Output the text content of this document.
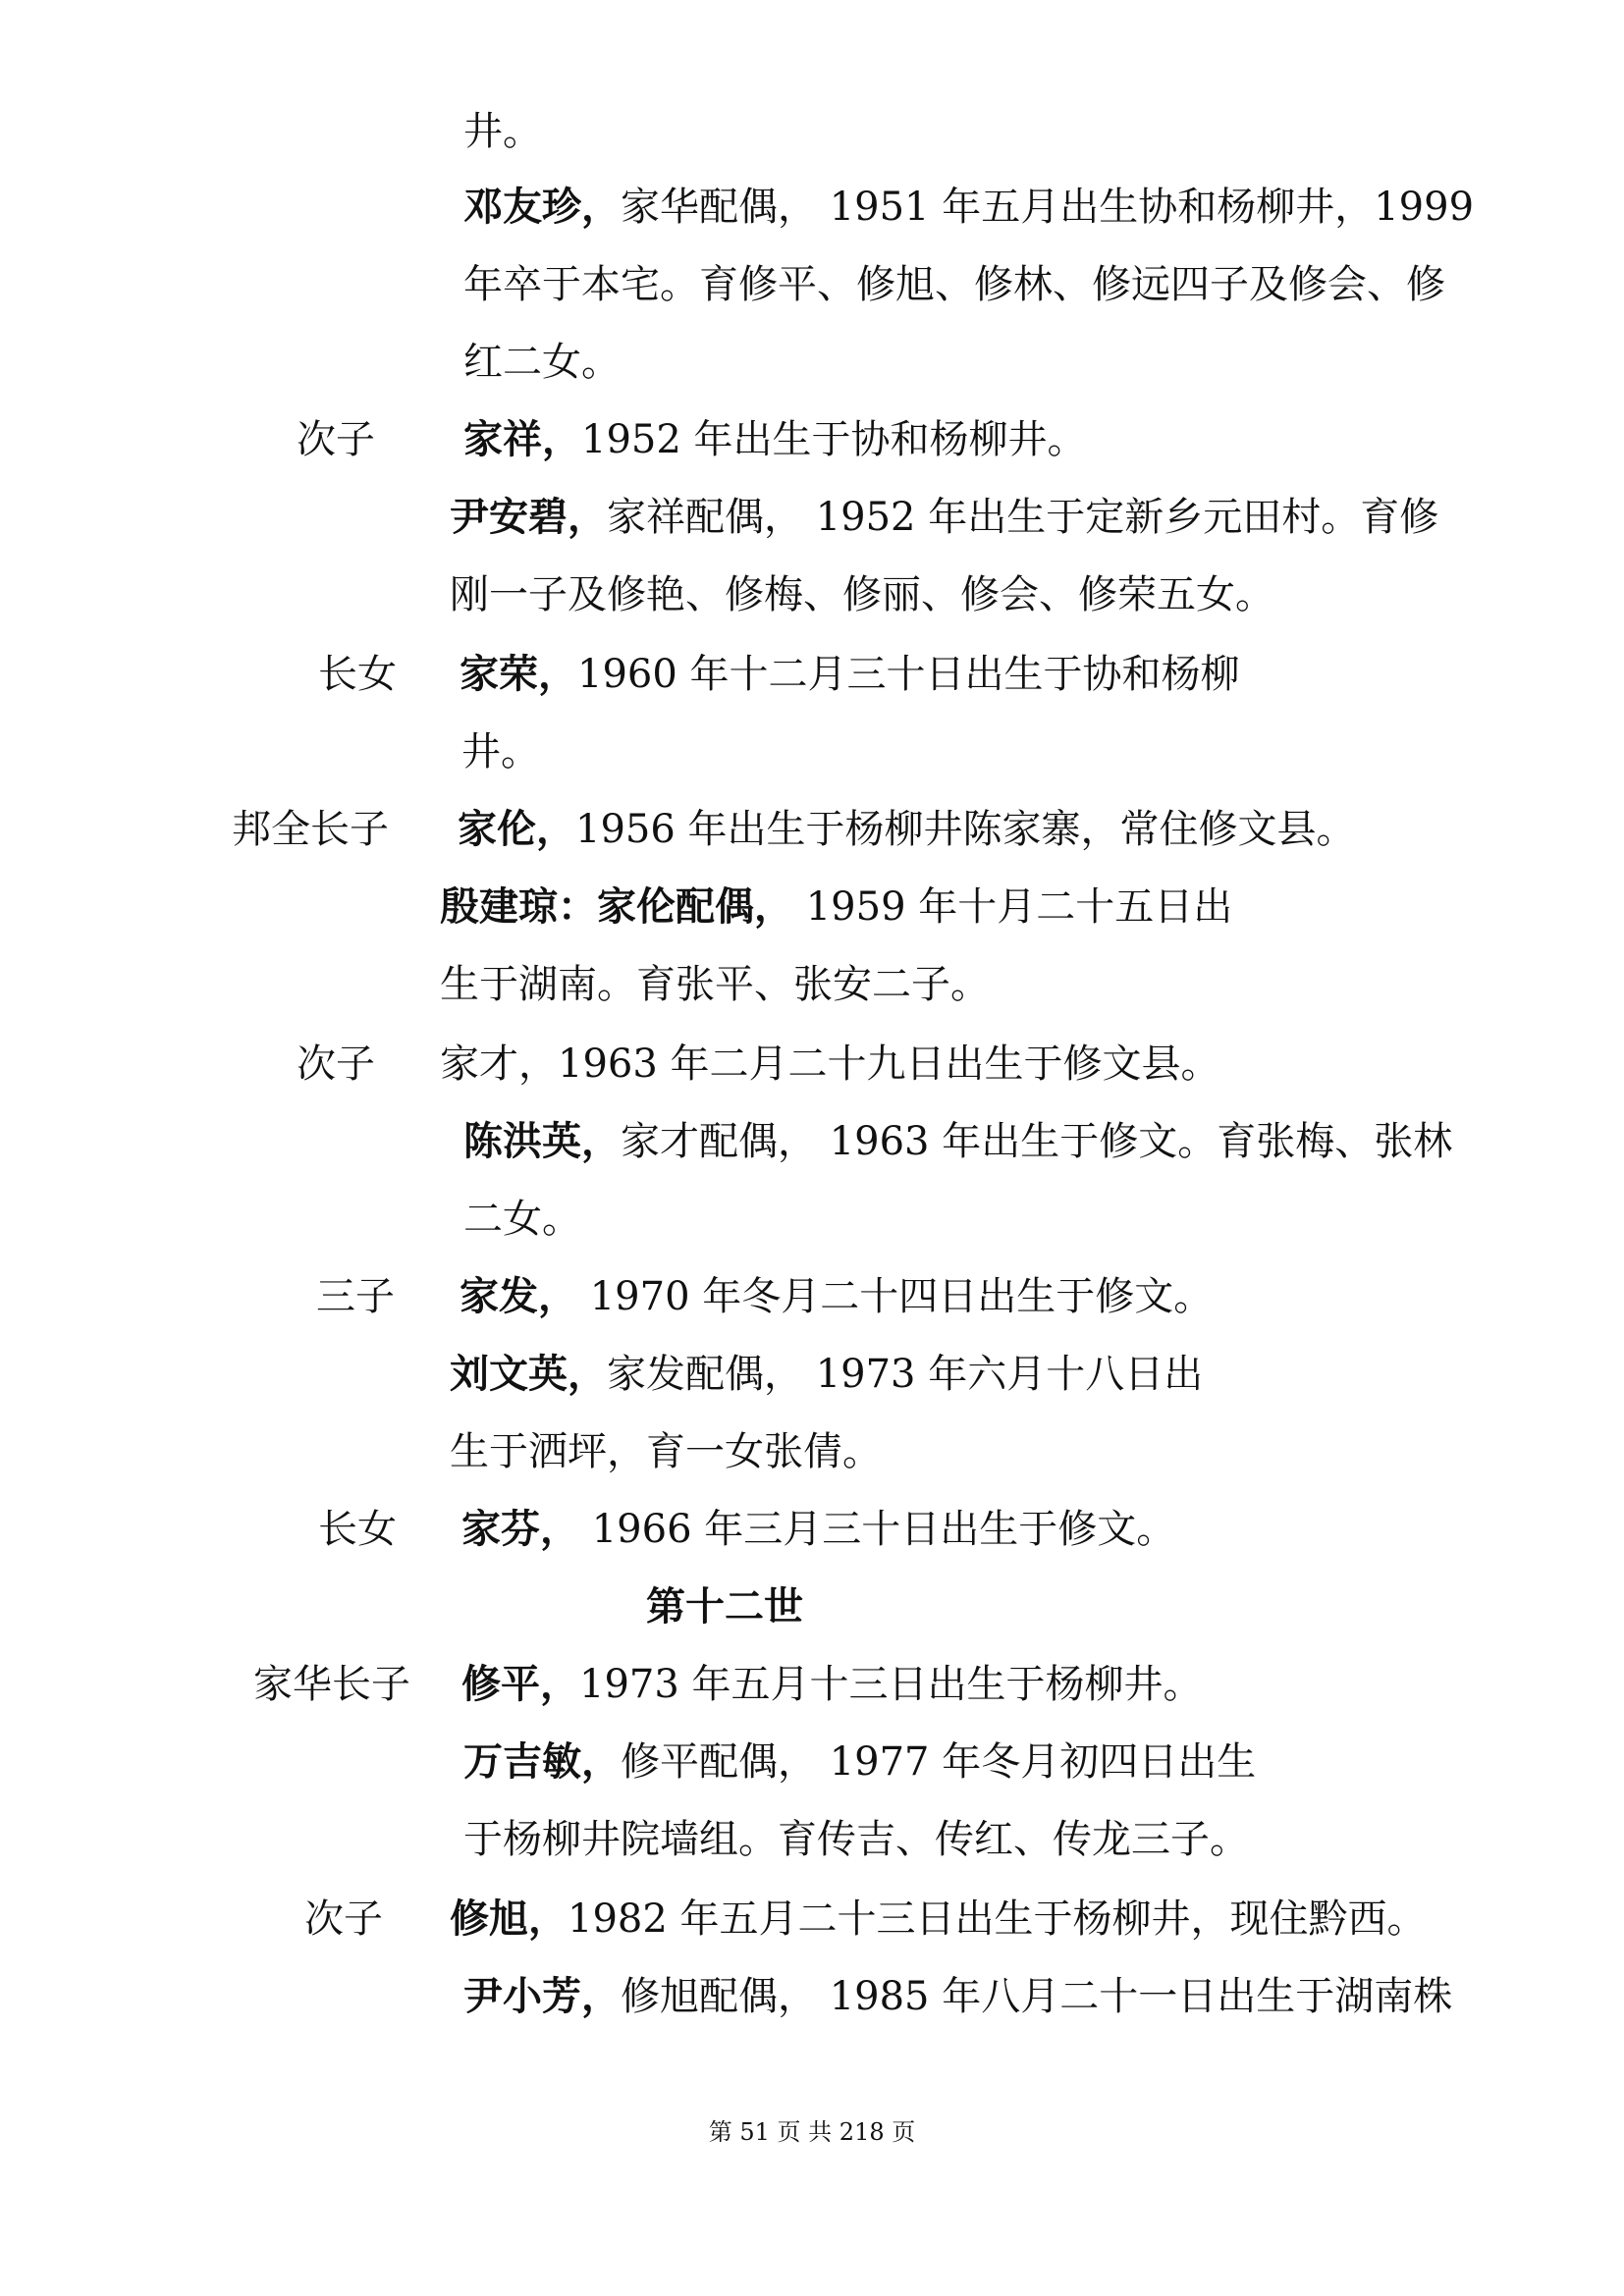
井。
邓友珍，家华配偶， 1951 年五月出生协和杨柳井，1999
年卒于本宅。育修平、修旭、修林、修远四子及修会、修
红二女。
次子 家祥，1952 年出生于协和杨柳井。
尹安碧，家祥配偶， 1952 年出生于定新乡元田村。育修
刚一子及修艳、修梅、修丽、修会、修荣五女。
长女 家荣，1960 年十二月三十日出生于协和杨柳
井。
邦全长子 家伦，1956 年出生于杨柳井陈家寨，常住修文县。
殷建琼：家伦配偶， 1959 年十月二十五日出
生于湖南。育张平、张安二子。
次子 家才，1963 年二月二十九日出生于修文县。
陈洪英，家才配偶， 1963 年出生于修文。育张梅、张林
二女。
三子 家发， 1970 年冬月二十四日出生于修文。
刘文英，家发配偶， 1973 年六月十八日出
生于洒坪，育一女张倩。
长女 家芬， 1966 年三月三十日出生于修文。
第十二世
家华长子 修平，1973 年五月十三日出生于杨柳井。
万吉敏，修平配偶， 1977 年冬月初四日出生
于杨柳井院墙组。育传吉、传红、传龙三子。
次子 修旭，1982 年五月二十三日出生于杨柳井，现住黔西。
尹小芳，修旭配偶， 1985 年八月二十一日出生于湖南株
第 51 页 共 218 页
